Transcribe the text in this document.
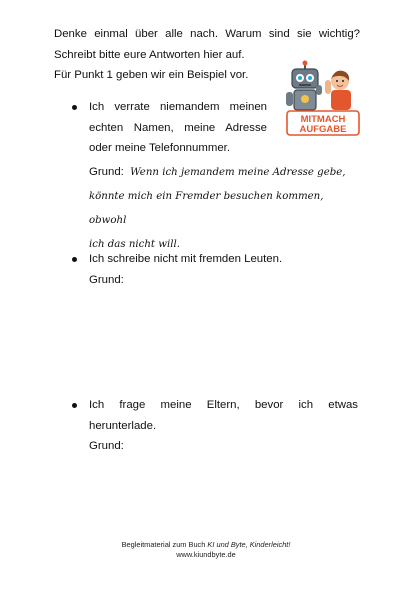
Denke einmal über alle nach. Warum sind sie wichtig?

Schreibt bitte eure Antworten hier auf.

Für Punkt 1 geben wir ein Beispiel vor.

MITMACH
AUFGABE

Ich verrate niemandem meinen

echten Namen, meine Adresse

oder meine Telefonnummer.

Grund: Wenn ich jemandem meine Adresse gebe,

könnte mich ein Fremder besuchen kommen, obwohl

ich das nicht will.

Ich schreibe nicht mit fremden Leuten.

Grund:

Ich frage meine Eltern, bevor ich etwas

herunterlade.

Grund:

Begleitmaterial zum Buch KI und Byte, Kinderleicht!

www.kiundbyte.de
